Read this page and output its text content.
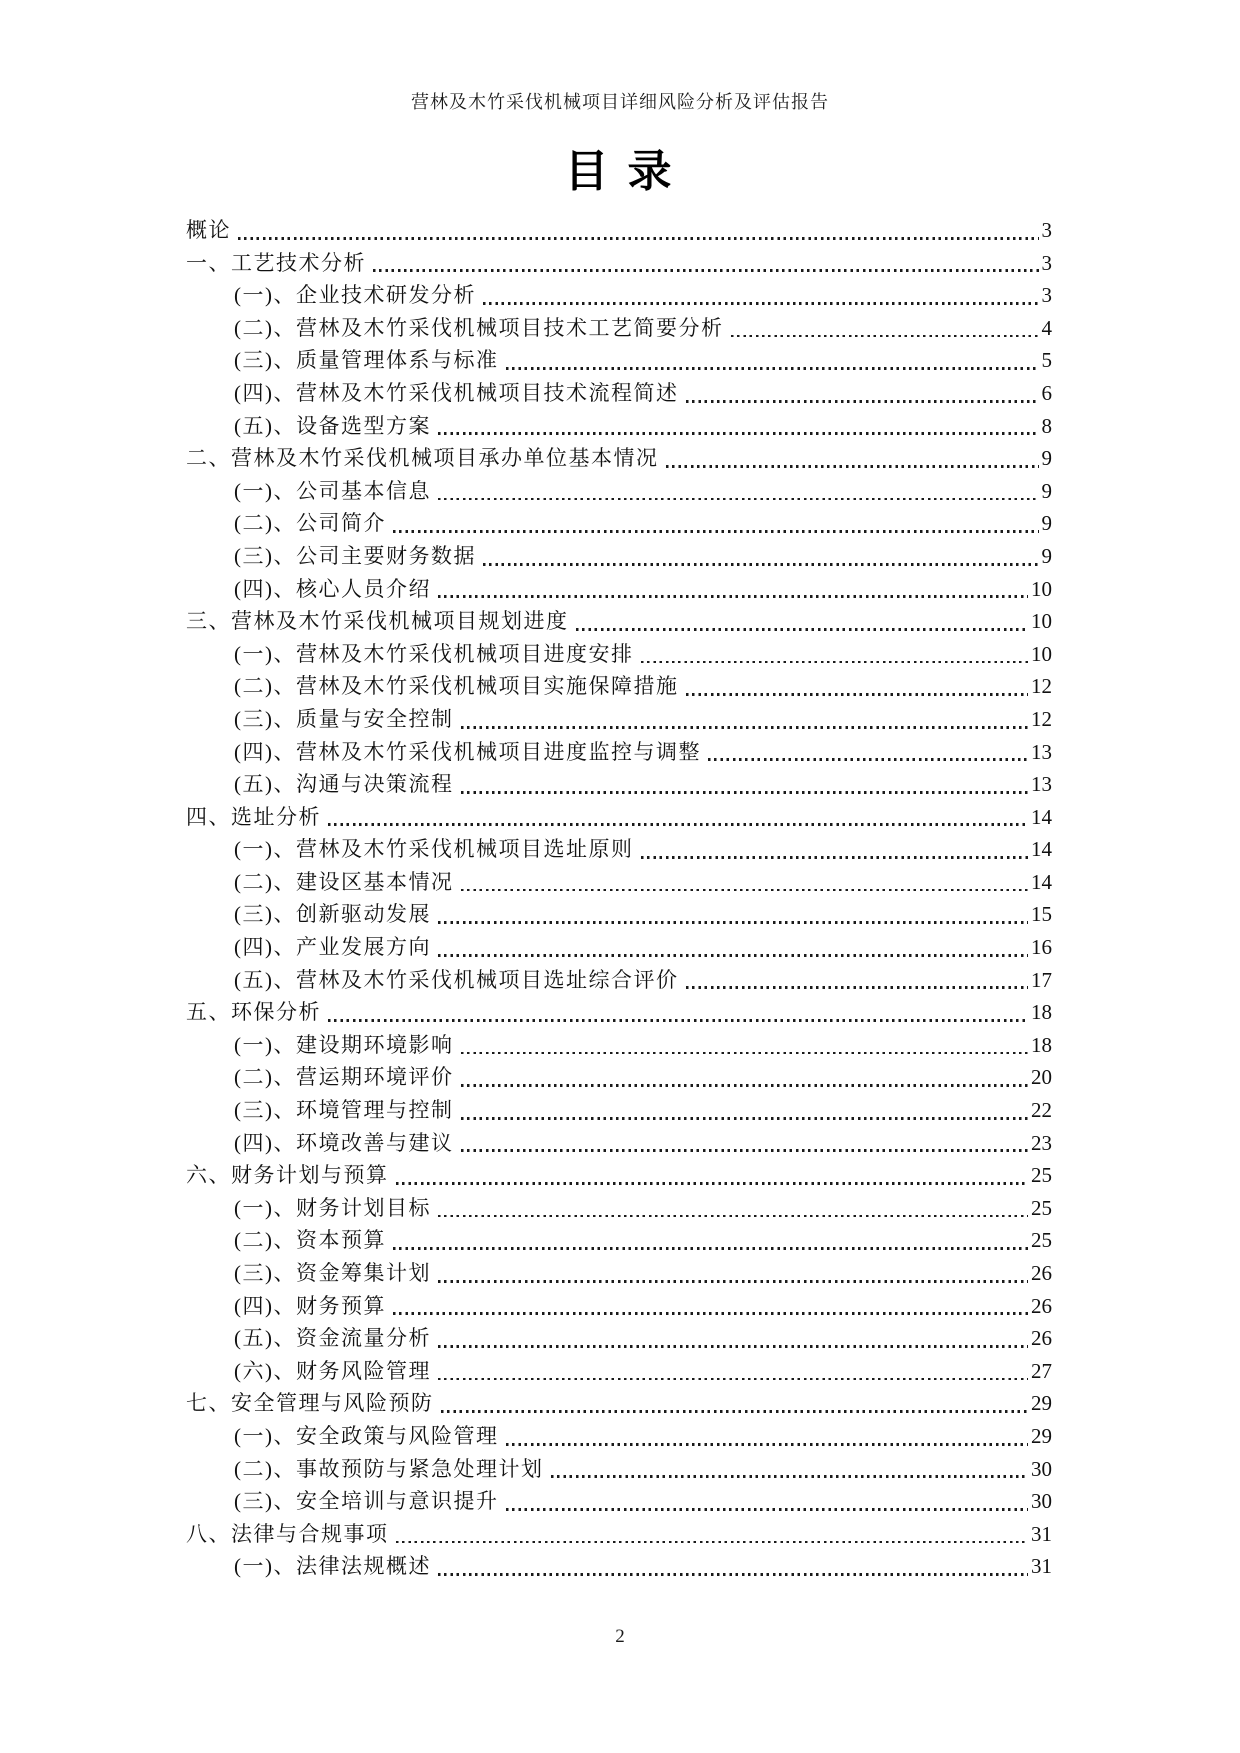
营林及木竹采伐机械项目详细风险分析及评估报告
目 录
概论	3
一、工艺技术分析	3
(一)、企业技术研发分析	3
(二)、营林及木竹采伐机械项目技术工艺简要分析	4
(三)、质量管理体系与标准	5
(四)、营林及木竹采伐机械项目技术流程简述	6
(五)、设备选型方案	8
二、营林及木竹采伐机械项目承办单位基本情况	9
(一)、公司基本信息	9
(二)、公司简介	9
(三)、公司主要财务数据	9
(四)、核心人员介绍	10
三、营林及木竹采伐机械项目规划进度	10
(一)、营林及木竹采伐机械项目进度安排	10
(二)、营林及木竹采伐机械项目实施保障措施	12
(三)、质量与安全控制	12
(四)、营林及木竹采伐机械项目进度监控与调整	13
(五)、沟通与决策流程	13
四、选址分析	14
(一)、营林及木竹采伐机械项目选址原则	14
(二)、建设区基本情况	14
(三)、创新驱动发展	15
(四)、产业发展方向	16
(五)、营林及木竹采伐机械项目选址综合评价	17
五、环保分析	18
(一)、建设期环境影响	18
(二)、营运期环境评价	20
(三)、环境管理与控制	22
(四)、环境改善与建议	23
六、财务计划与预算	25
(一)、财务计划目标	25
(二)、资本预算	25
(三)、资金筹集计划	26
(四)、财务预算	26
(五)、资金流量分析	26
(六)、财务风险管理	27
七、安全管理与风险预防	29
(一)、安全政策与风险管理	29
(二)、事故预防与紧急处理计划	30
(三)、安全培训与意识提升	30
八、法律与合规事项	31
(一)、法律法规概述	31
2
